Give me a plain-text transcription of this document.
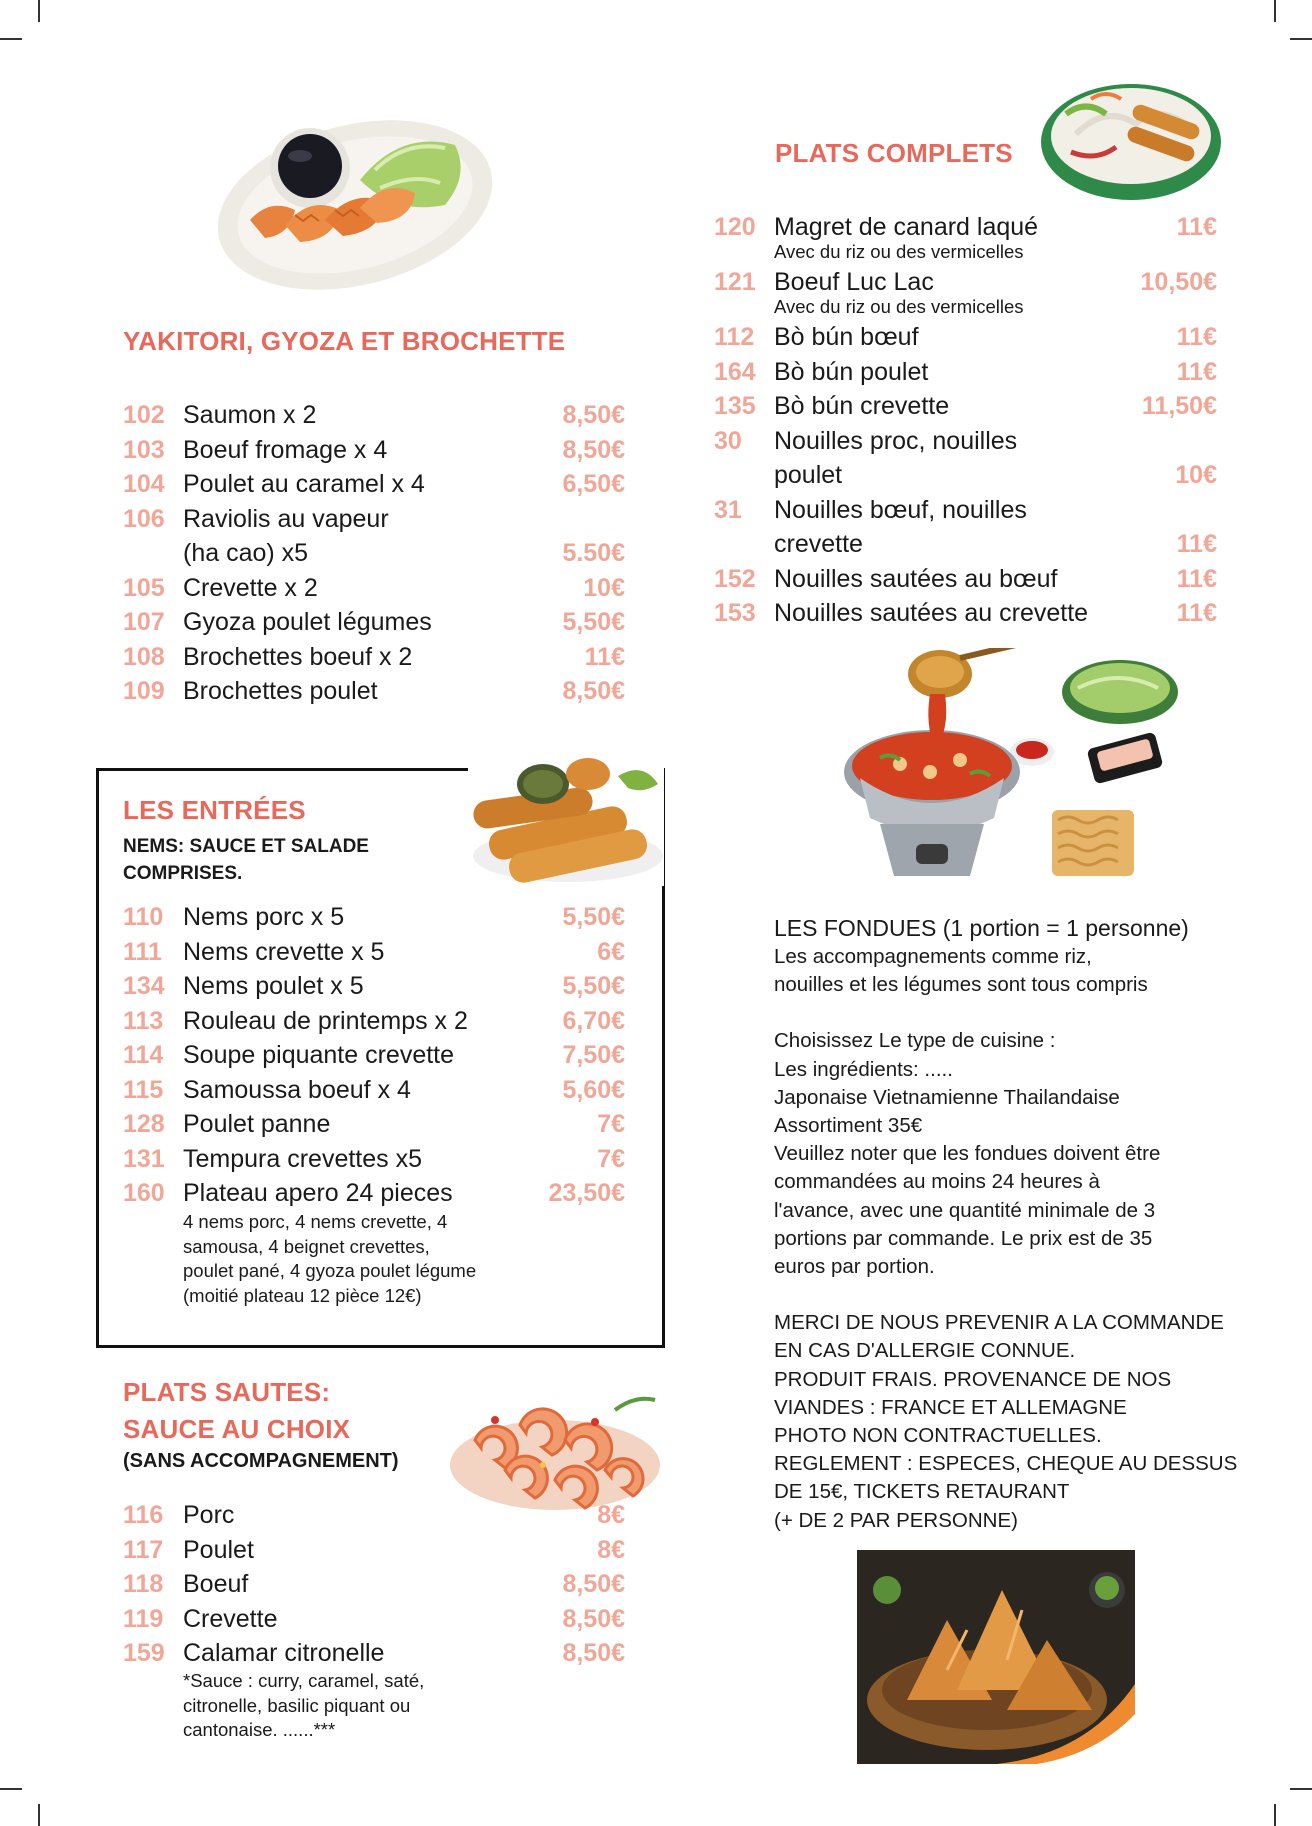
YAKITORI, GYOZA ET BROCHETTE
102 Saumon x 2	8,50€
103 Boeuf fromage x 4	8,50€
104 Poulet au caramel x 4	6,50€
106 Raviolis au vapeur
(ha cao) x5	5.50€
105 Crevette x 2	10€
107 Gyoza poulet légumes	5,50€
108 Brochettes boeuf x 2	11€
109 Brochettes poulet	8,50€
LES ENTRÉES
NEMS: SAUCE ET SALADE
COMPRISES.
110 Nems porc x 5	5,50€
111 Nems crevette x 5	6€
134 Nems poulet x 5	5,50€
113 Rouleau de printemps x 2	6,70€
114 Soupe piquante crevette	7,50€
115 Samoussa boeuf x 4	5,60€
128 Poulet panne	7€
131 Tempura crevettes x5	7€
160 Plateau apero 24 pieces	23,50€
4 nems porc, 4 nems crevette, 4
samousa, 4 beignet crevettes,
poulet pané, 4 gyoza poulet légume
(moitié plateau 12 pièce 12€)
PLATS SAUTES:
SAUCE AU CHOIX
(SANS ACCOMPAGNEMENT)
116 Porc	8€
117 Poulet	8€
118 Boeuf	8,50€
119 Crevette	8,50€
159 Calamar citronelle	8,50€
*Sauce : curry, caramel, saté,
citronelle, basilic piquant ou
cantonaise. ......***
PLATS COMPLETS
120 Magret de canard laqué	11€
Avec du riz ou des vermicelles
121 Boeuf Luc Lac	10,50€
Avec du riz ou des vermicelles
112 Bò bún bœuf	11€
164 Bò bún poulet	11€
135 Bò bún crevette	11,50€
30 Nouilles proc, nouilles
poulet	10€
31 Nouilles bœuf, nouilles
crevette	11€
152 Nouilles sautées au bœuf	11€
153 Nouilles sautées au crevette	11€
LES FONDUES (1 portion = 1 personne)
Les accompagnements comme riz,
nouilles et les légumes sont tous compris
Choisissez Le type de cuisine :
Les ingrédients: .....
Japonaise Vietnamienne Thailandaise
Assortiment 35€
Veuillez noter que les fondues doivent être
commandées au moins 24 heures à
l'avance, avec une quantité minimale de 3
portions par commande. Le prix est de 35
euros par portion.
MERCI DE NOUS PREVENIR A LA COMMANDE
EN CAS D'ALLERGIE CONNUE.
PRODUIT FRAIS. PROVENANCE DE NOS
VIANDES : FRANCE ET ALLEMAGNE
PHOTO NON CONTRACTUELLES.
REGLEMENT : ESPECES, CHEQUE AU DESSUS
DE 15€, TICKETS RETAURANT
(+ DE 2 PAR PERSONNE)
